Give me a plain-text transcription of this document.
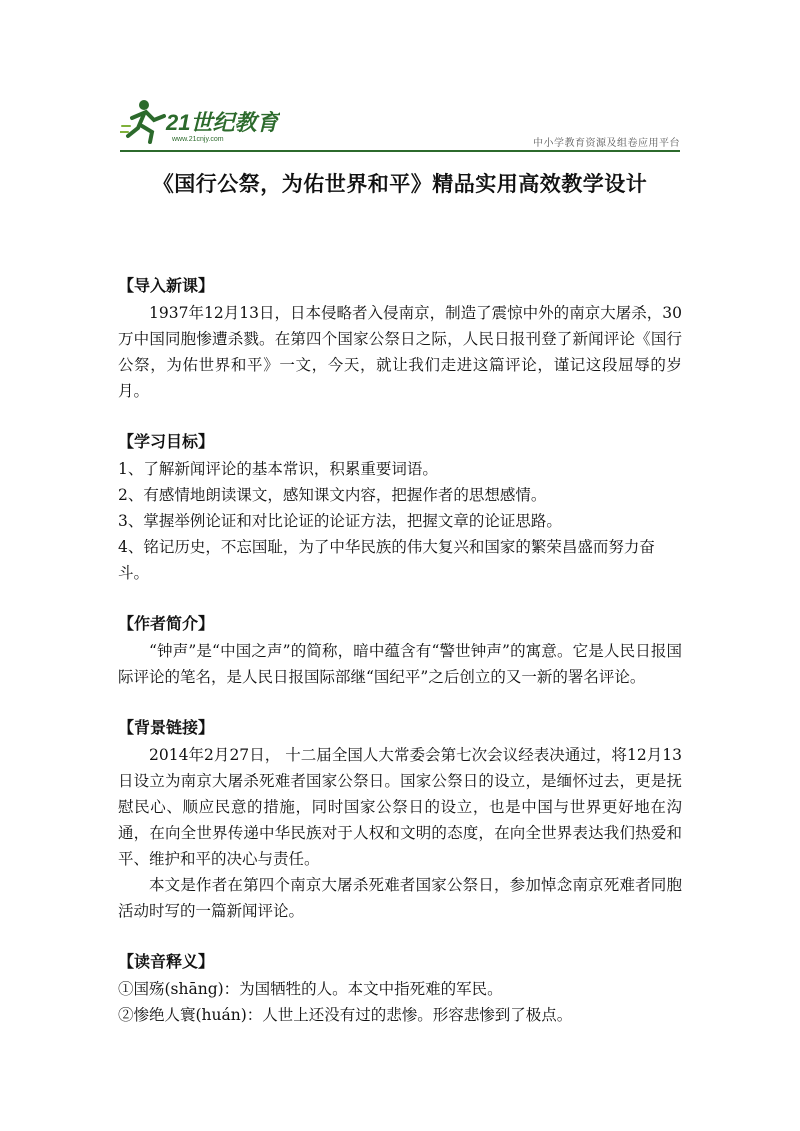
21世纪教育
www.21cnjy.com	中小学教育资源及组卷应用平台
《国行公祭，为佑世界和平》精品实用高效教学设计
【导入新课】

1937年12月13日，日本侵略者入侵南京，制造了震惊中外的南京大屠杀，30万中国同胞惨遭杀戮。在第四个国家公祭日之际，人民日报刊登了新闻评论《国行公祭，为佑世界和平》一文，今天，就让我们走进这篇评论，谨记这段屈辱的岁月。

【学习目标】

1、了解新闻评论的基本常识，积累重要词语。

2、有感情地朗读课文，感知课文内容，把握作者的思想感情。

3、掌握举例论证和对比论证的论证方法，把握文章的论证思路。

4、铭记历史，不忘国耻，为了中华民族的伟大复兴和国家的繁荣昌盛而努力奋斗。

【作者简介】

“钟声”是“中国之声”的简称，暗中蕴含有“警世钟声”的寓意。它是人民日报国际评论的笔名，是人民日报国际部继“国纪平”之后创立的又一新的署名评论。

【背景链接】

2014年2月27日， 十二届全国人大常委会第七次会议经表决通过，将12月13日设立为南京大屠杀死难者国家公祭日。国家公祭日的设立，是缅怀过去，更是抚慰民心、顺应民意的措施，同时国家公祭日的设立，也是中国与世界更好地在沟通，在向全世界传递中华民族对于人权和文明的态度，在向全世界表达我们热爱和平、维护和平的决心与责任。

本文是作者在第四个南京大屠杀死难者国家公祭日，参加悼念南京死难者同胞活动时写的一篇新闻评论。

【读音释义】

①国殇(shāng)：为国牺牲的人。本文中指死难的军民。

②惨绝人寰(huán)：人世上还没有过的悲惨。形容悲惨到了极点。
